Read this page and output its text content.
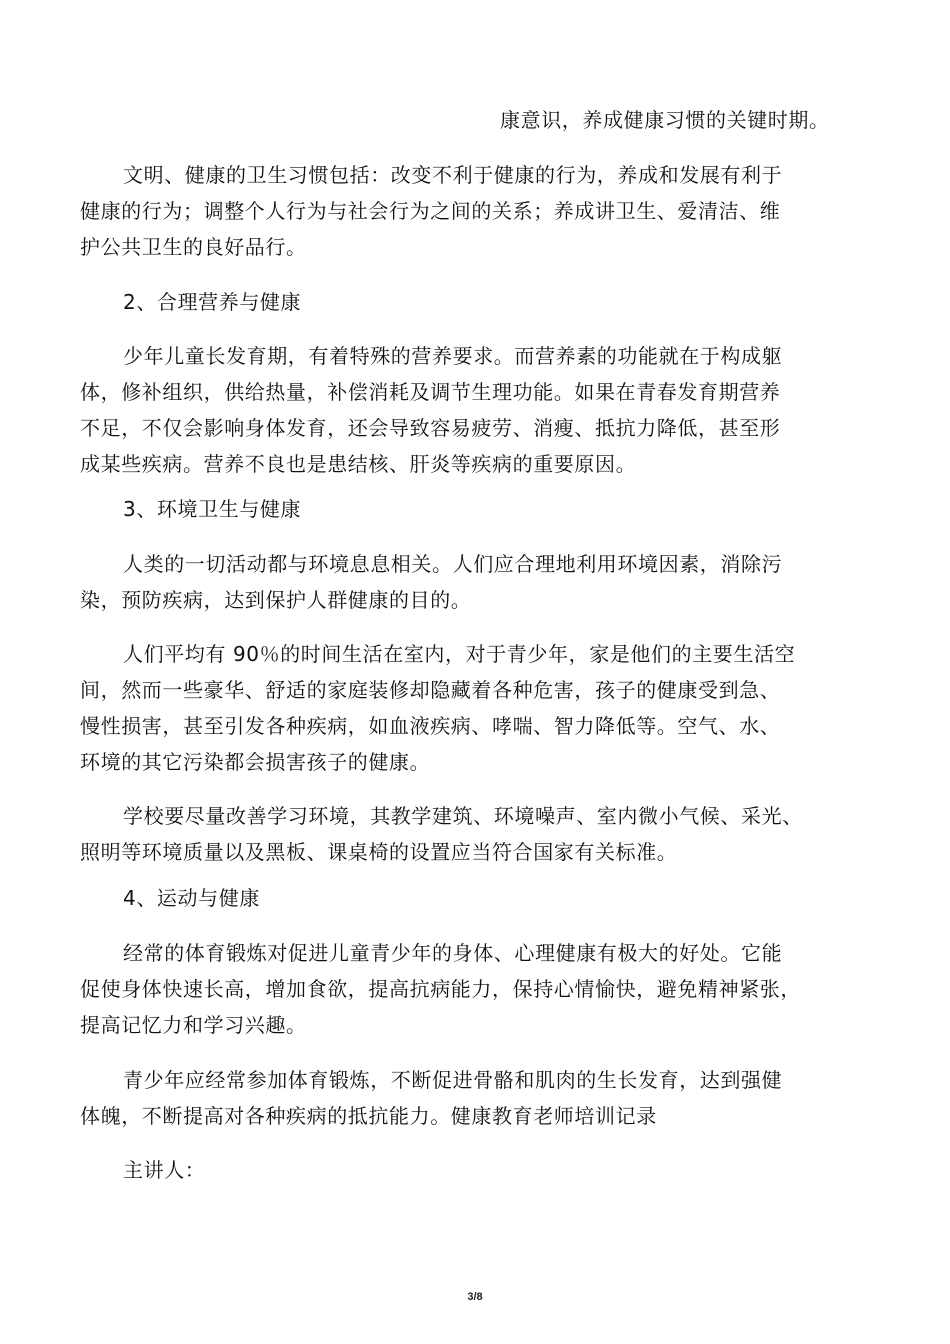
康意识，养成健康习惯的关键时期。
文明、健康的卫生习惯包括：改变不利于健康的行为，养成和发展有利于
健康的行为；调整个人行为与社会行为之间的关系；养成讲卫生、爱清洁、维
护公共卫生的良好品行。
2、合理营养与健康
少年儿童长发育期，有着特殊的营养要求。而营养素的功能就在于构成躯
体，修补组织，供给热量，补偿消耗及调节生理功能。如果在青春发育期营养
不足，不仅会影响身体发育，还会导致容易疲劳、消瘦、抵抗力降低，甚至形
成某些疾病。营养不良也是患结核、肝炎等疾病的重要原因。
3、环境卫生与健康
人类的一切活动都与环境息息相关。人们应合理地利用环境因素，消除污
染，预防疾病，达到保护人群健康的目的。
人们平均有 90％的时间生活在室内，对于青少年，家是他们的主要生活空
间，然而一些豪华、舒适的家庭装修却隐藏着各种危害，孩子的健康受到急、
慢性损害，甚至引发各种疾病，如血液疾病、哮喘、智力降低等。空气、水、
环境的其它污染都会损害孩子的健康。
学校要尽量改善学习环境，其教学建筑、环境噪声、室内微小气候、采光、
照明等环境质量以及黑板、课桌椅的设置应当符合国家有关标准。
4、运动与健康
经常的体育锻炼对促进儿童青少年的身体、心理健康有极大的好处。它能
促使身体快速长高，增加食欲，提高抗病能力，保持心情愉快，避免精神紧张，
提高记忆力和学习兴趣。
青少年应经常参加体育锻炼，不断促进骨骼和肌肉的生长发育，达到强健
体魄，不断提高对各种疾病的抵抗能力。健康教育老师培训记录
主讲人：
3/8
